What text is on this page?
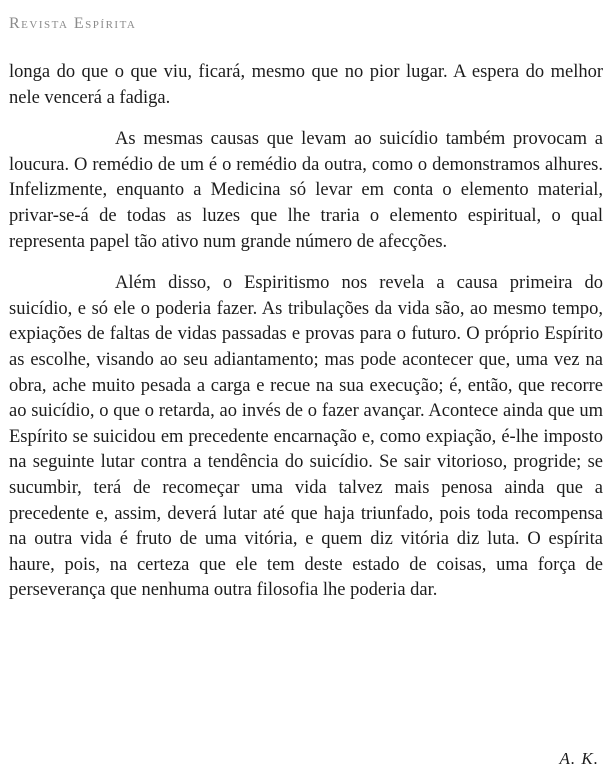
Revista Espírita

longa do que o que viu, ficará, mesmo que no pior lugar. A espera do melhor nele vencerá a fadiga.

As mesmas causas que levam ao suicídio também provocam a loucura. O remédio de um é o remédio da outra, como o demonstramos alhures. Infelizmente, enquanto a Medicina só levar em conta o elemento material, privar-se-á de todas as luzes que lhe traria o elemento espiritual, o qual representa papel tão ativo num grande número de afecções.

Além disso, o Espiritismo nos revela a causa primeira do suicídio, e só ele o poderia fazer. As tribulações da vida são, ao mesmo tempo, expiações de faltas de vidas passadas e provas para o futuro. O próprio Espírito as escolhe, visando ao seu adiantamento; mas pode acontecer que, uma vez na obra, ache muito pesada a carga e recue na sua execução; é, então, que recorre ao suicídio, o que o retarda, ao invés de o fazer avançar. Acontece ainda que um Espírito se suicidou em precedente encarnação e, como expiação, é-lhe imposto na seguinte lutar contra a tendência do suicídio. Se sair vitorioso, progride; se sucumbir, terá de recomeçar uma vida talvez mais penosa ainda que a precedente e, assim, deverá lutar até que haja triunfado, pois toda recompensa na outra vida é fruto de uma vitória, e quem diz vitória diz luta. O espírita haure, pois, na certeza que ele tem deste estado de coisas, uma força de perseverança que nenhuma outra filosofia lhe poderia dar.

A. K.
